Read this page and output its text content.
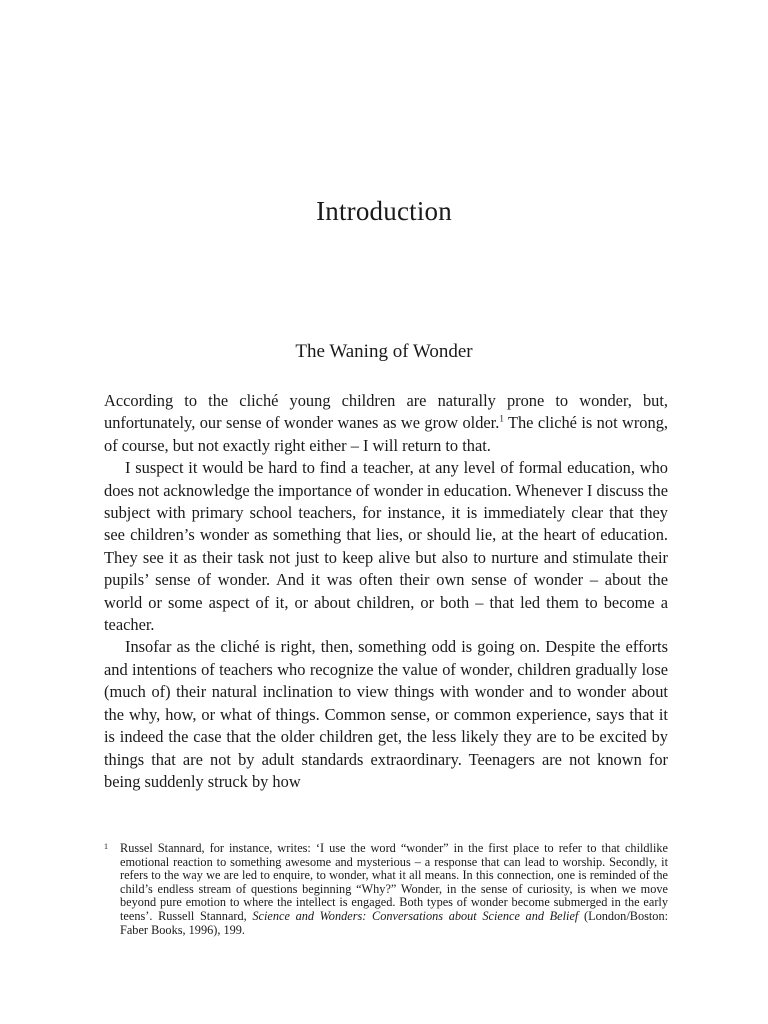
Introduction
The Waning of Wonder

According to the cliché young children are naturally prone to wonder, but, unfortunately, our sense of wonder wanes as we grow older.$^1$ The cliché is not wrong, of course, but not exactly right either – I will return to that.

I suspect it would be hard to find a teacher, at any level of formal education, who does not acknowledge the importance of wonder in education. Whenever I discuss the subject with primary school teachers, for instance, it is immediately clear that they see children’s wonder as something that lies, or should lie, at the heart of education. They see it as their task not just to keep alive but also to nurture and stimulate their pupils’ sense of wonder. And it was often their own sense of wonder – about the world or some aspect of it, or about children, or both – that led them to become a teacher.

Insofar as the cliché is right, then, something odd is going on. Despite the efforts and intentions of teachers who recognize the value of wonder, children gradually lose (much of) their natural inclination to view things with wonder and to wonder about the why, how, or what of things. Common sense, or common experience, says that it is indeed the case that the older children get, the less likely they are to be excited by things that are not by adult standards extraordinary. Teenagers are not known for being suddenly struck by how

1 Russel Stannard, for instance, writes: ‘I use the word “wonder” in the first place to refer to that childlike emotional reaction to something awesome and mysterious – a response that can lead to worship. Secondly, it refers to the way we are led to enquire, to wonder, what it all means. In this connection, one is reminded of the child’s endless stream of questions beginning “Why?” Wonder, in the sense of curiosity, is when we move beyond pure emotion to where the intellect is engaged. Both types of wonder become submerged in the early teens’. Russell Stannard, Science and Wonders: Conversations about Science and Belief (London/Boston: Faber Books, 1996), 199.
